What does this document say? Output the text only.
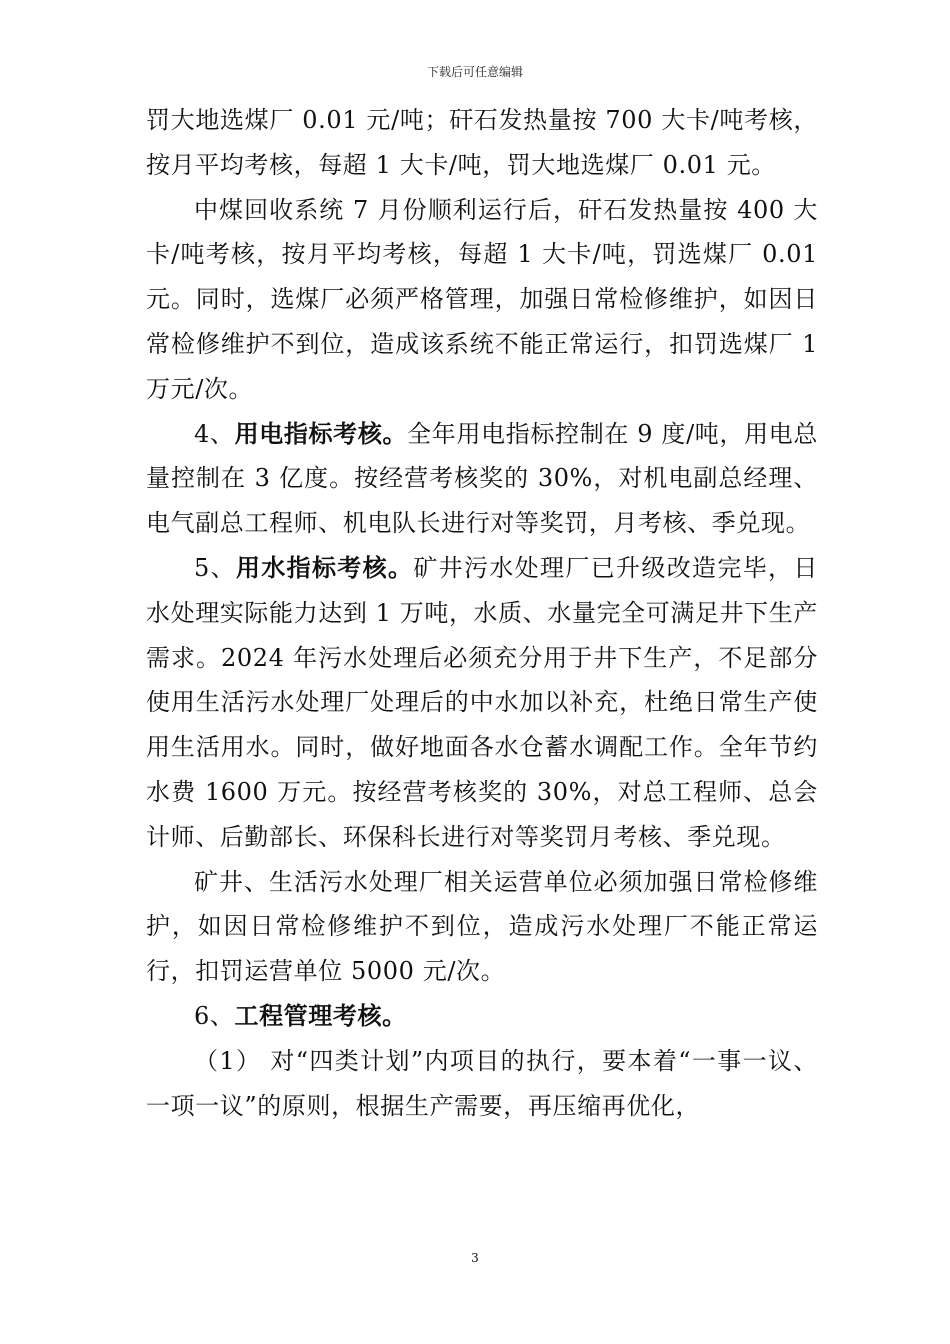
下载后可任意编辑

罚大地选煤厂 0.01 元/吨；矸石发热量按 700 大卡/吨考核，按月平均考核，每超 1 大卡/吨，罚大地选煤厂 0.01 元。

中煤回收系统 7 月份顺利运行后，矸石发热量按 400 大卡/吨考核，按月平均考核，每超 1 大卡/吨，罚选煤厂 0.01 元。同时，选煤厂必须严格管理，加强日常检修维护，如因日常检修维护不到位，造成该系统不能正常运行，扣罚选煤厂 1 万元/次。

4、用电指标考核。全年用电指标控制在 9 度/吨，用电总量控制在 3 亿度。按经营考核奖的 30%，对机电副总经理、电气副总工程师、机电队长进行对等奖罚，月考核、季兑现。

5、用水指标考核。矿井污水处理厂已升级改造完毕，日水处理实际能力达到 1 万吨，水质、水量完全可满足井下生产需求。2024 年污水处理后必须充分用于井下生产，不足部分使用生活污水处理厂处理后的中水加以补充，杜绝日常生产使用生活用水。同时，做好地面各水仓蓄水调配工作。全年节约水费 1600 万元。按经营考核奖的 30%，对总工程师、总会计师、后勤部长、环保科长进行对等奖罚月考核、季兑现。

矿井、生活污水处理厂相关运营单位必须加强日常检修维护，如因日常检修维护不到位，造成污水处理厂不能正常运行，扣罚运营单位 5000 元/次。

6、工程管理考核。

（1） 对“四类计划”内项目的执行，要本着“一事一议、一项一议”的原则，根据生产需要，再压缩再优化，

3
